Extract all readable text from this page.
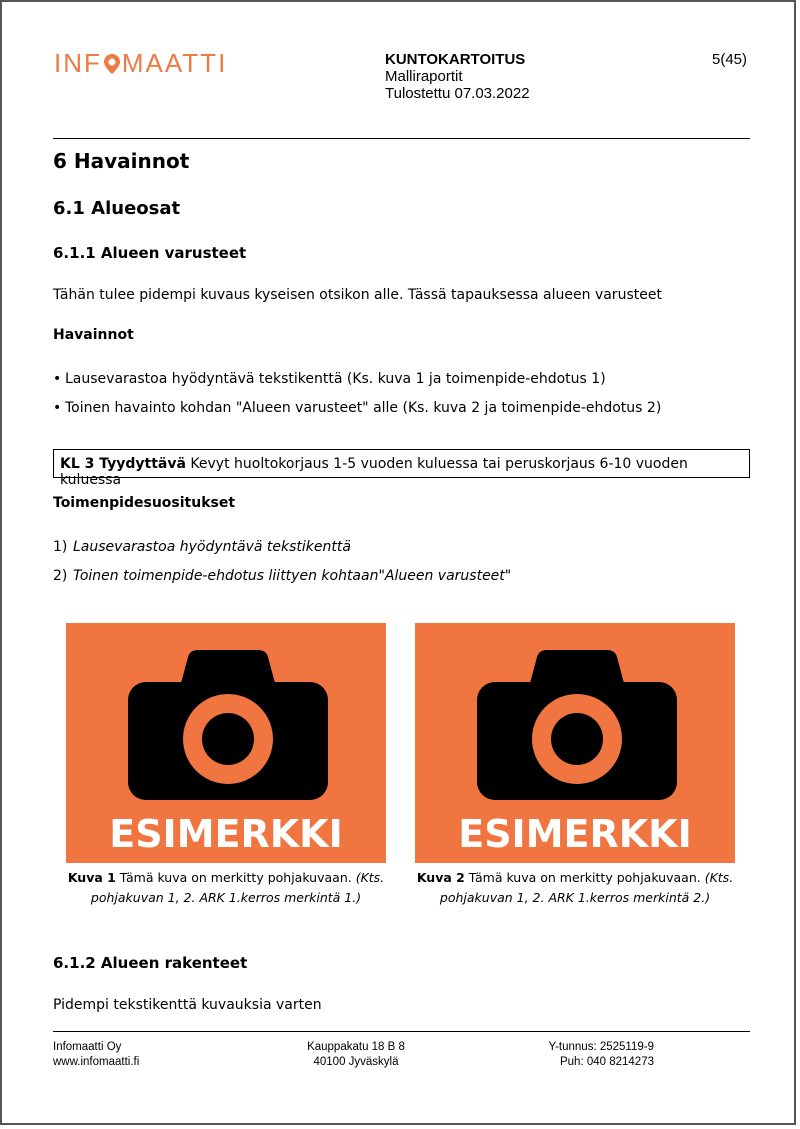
INF MAATTI	KUNTOKARTOITUS
Malliraportit
Tulostettu 07.03.2022
5(45)
6 Havainnot
6.1 Alueosat
6.1.1 Alueen varusteet
Tähän tulee pidempi kuvaus kyseisen otsikon alle. Tässä tapauksessa alueen varusteet
Havainnot
• Lausevarastoa hyödyntävä tekstikenttä (Ks. kuva 1 ja toimenpide-ehdotus 1)
• Toinen havainto kohdan "Alueen varusteet" alle (Ks. kuva 2 ja toimenpide-ehdotus 2)
KL 3 Tyydyttävä Kevyt huoltokorjaus 1-5 vuoden kuluessa tai peruskorjaus 6-10 vuoden kuluessa
Toimenpidesuositukset
1) Lausevarastoa hyödyntävä tekstikenttä
2) Toinen toimenpide-ehdotus liittyen kohtaan"Alueen varusteet"
ESIMERKKI	ESIMERKKI
Kuva 1 Tämä kuva on merkitty pohjakuvaan. (Kts.
pohjakuvan 1, 2. ARK 1.kerros merkintä 1.)
Kuva 2 Tämä kuva on merkitty pohjakuvaan. (Kts.
pohjakuvan 1, 2. ARK 1.kerros merkintä 2.)
6.1.2 Alueen rakenteet
Pidempi tekstikenttä kuvauksia varten
Infomaatti Oy
www.infomaatti.fi
Kauppakatu 18 B 8
40100 Jyväskylä
Y-tunnus: 2525119-9
Puh: 040 8214273
